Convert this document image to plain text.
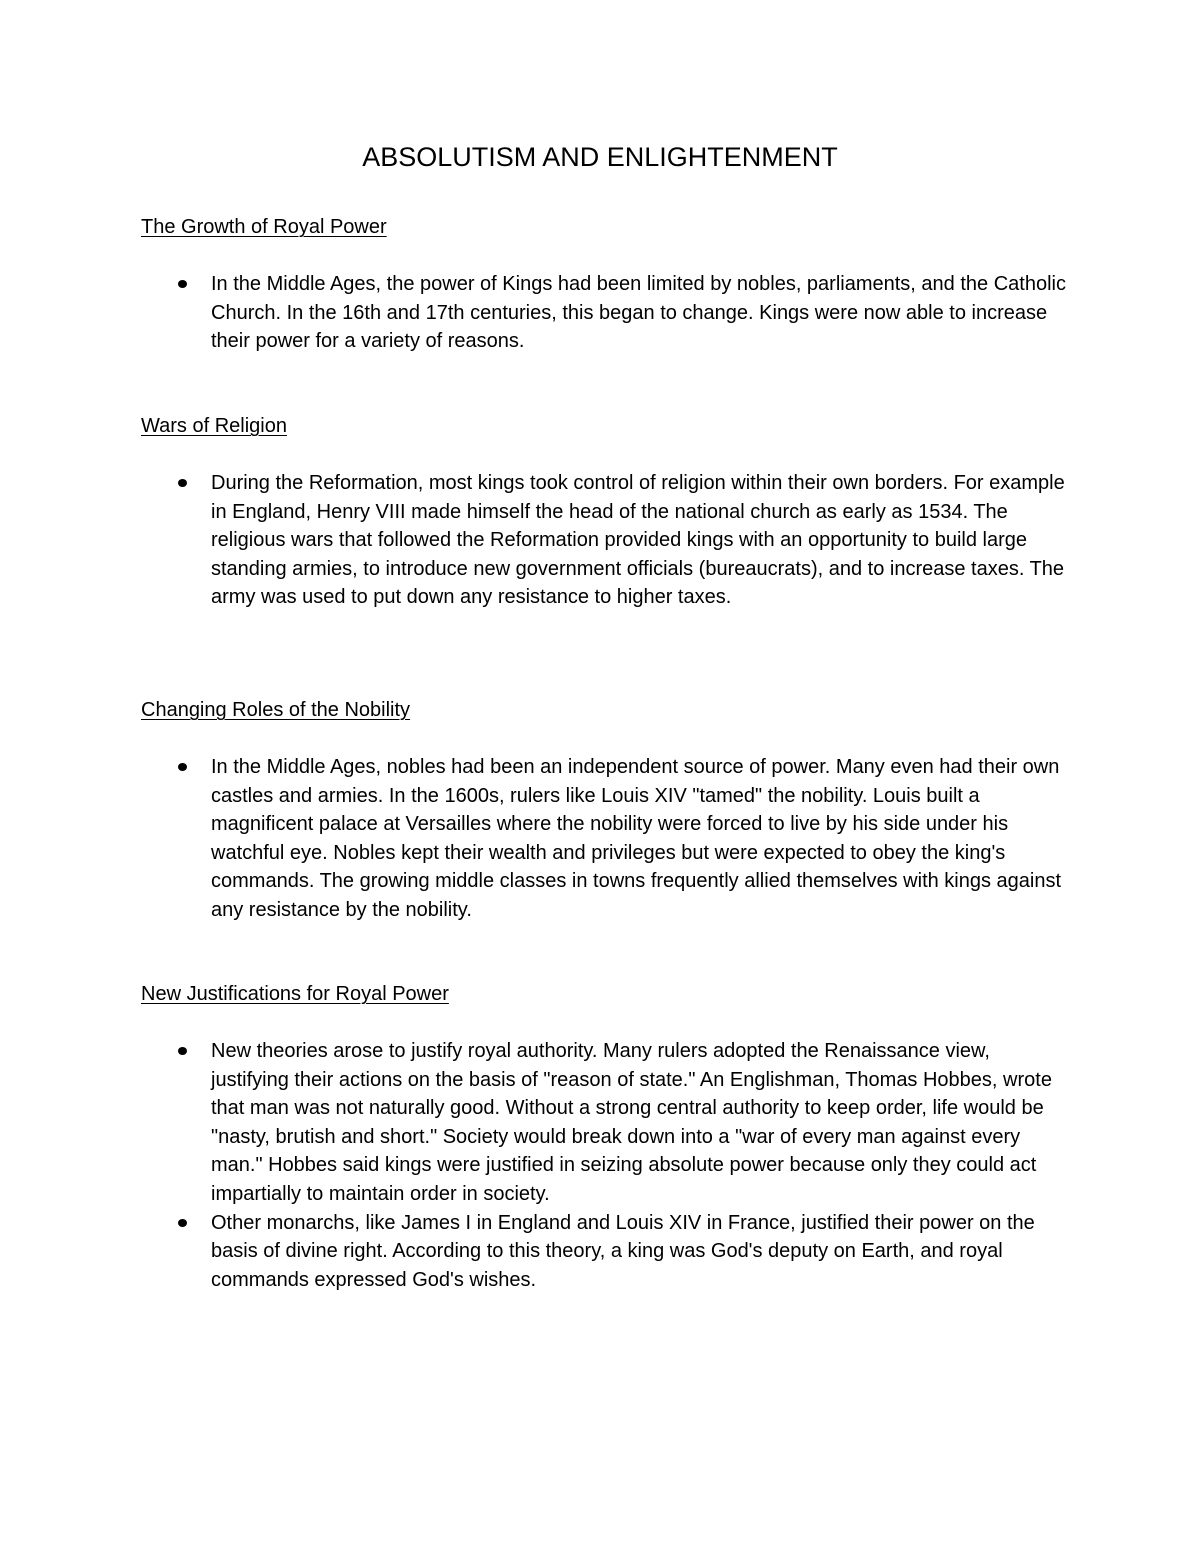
ABSOLUTISM AND ENLIGHTENMENT
The Growth of Royal Power
In the Middle Ages, the power of Kings had been limited by nobles, parliaments, and the Catholic Church. In the 16th and 17th centuries, this began to change. Kings were now able to increase their power for a variety of reasons.
Wars of Religion
During the Reformation, most kings took control of religion within their own borders. For example in England, Henry VIII made himself the head of the national church as early as 1534. The religious wars that followed the Reformation provided kings with an opportunity to build large standing armies, to introduce new government officials (bureaucrats), and to increase taxes. The army was used to put down any resistance to higher taxes.
Changing Roles of the Nobility
In the Middle Ages, nobles had been an independent source of power. Many even had their own castles and armies. In the 1600s, rulers like Louis XIV "tamed" the nobility. Louis built a magnificent palace at Versailles where the nobility were forced to live by his side under his watchful eye. Nobles kept their wealth and privileges but were expected to obey the king's commands. The growing middle classes in towns frequently allied themselves with kings against any resistance by the nobility.
New Justifications for Royal Power
New theories arose to justify royal authority. Many rulers adopted the Renaissance view, justifying their actions on the basis of "reason of state." An Englishman, Thomas Hobbes, wrote that man was not naturally good. Without a strong central authority to keep order, life would be "nasty, brutish and short." Society would break down into a "war of every man against every man." Hobbes said kings were justified in seizing absolute power because only they could act impartially to maintain order in society.
Other monarchs, like James I in England and Louis XIV in France, justified their power on the basis of divine right. According to this theory, a king was God's deputy on Earth, and royal commands expressed God's wishes.
